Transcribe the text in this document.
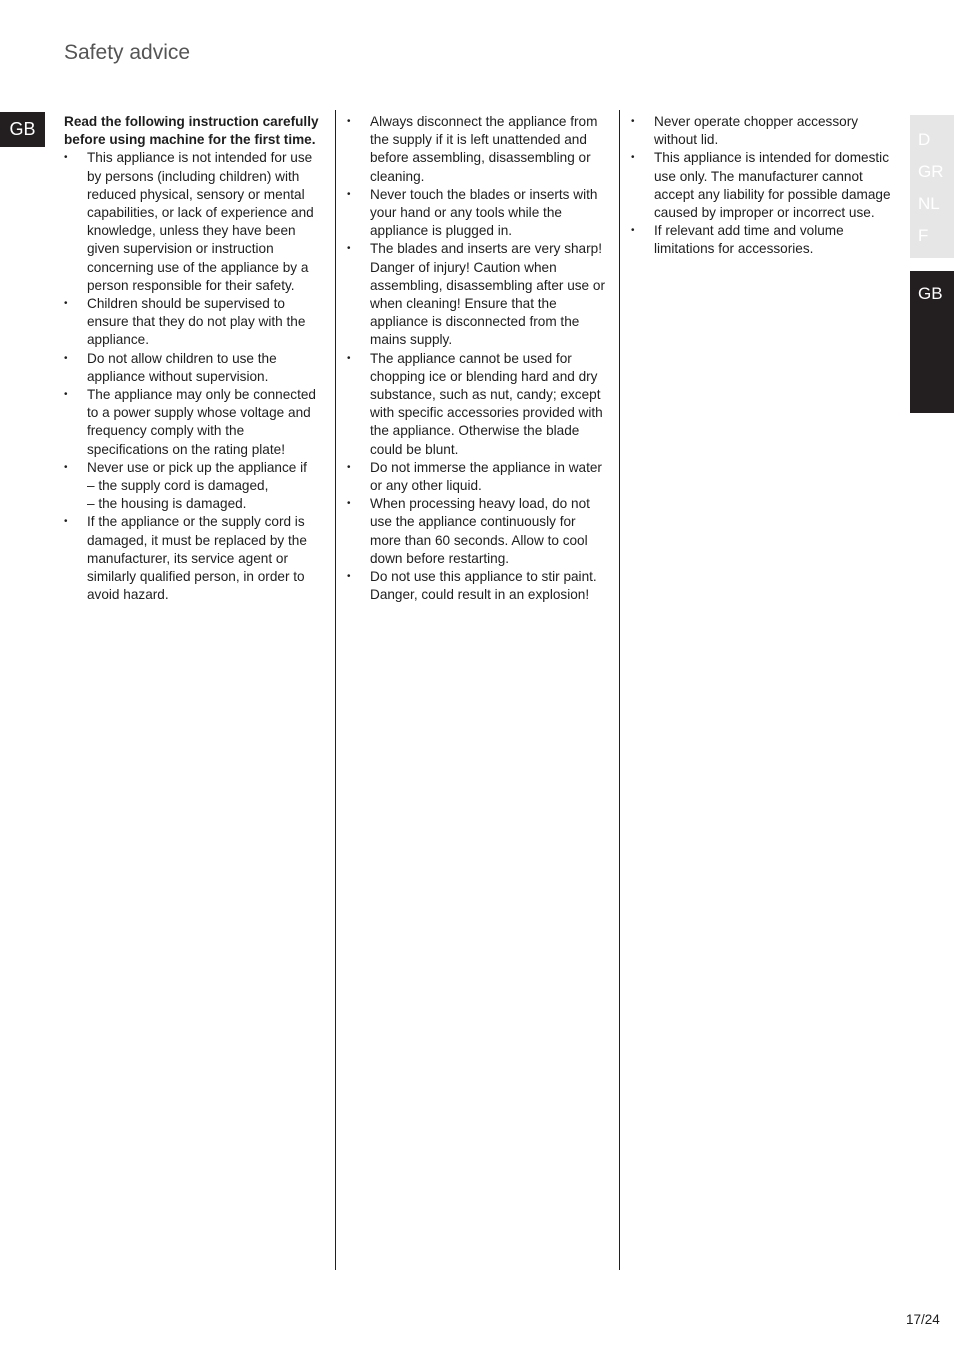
Safety advice
GB
D
GR
NL
F
GB

Read the following instruction carefully before using machine for the first time.

• This appliance is not intended for use by persons (including children) with reduced physical, sensory or mental capabilities, or lack of experience and knowledge, unless they have been given supervision or instruction concerning use of the appliance by a person responsible for their safety.
• Children should be supervised to ensure that they do not play with the appliance.
• Do not allow children to use the appliance without supervision.
• The appliance may only be connected to a power supply whose voltage and frequency comply with the specifications on the rating plate!
• Never use or pick up the appliance if
– the supply cord is damaged,
– the housing is damaged.
• If the appliance or the supply cord is damaged, it must be replaced by the manufacturer, its service agent or similarly qualified person, in order to avoid hazard.
• Always disconnect the appliance from the supply if it is left unattended and before assembling, disassembling or cleaning.
• Never touch the blades or inserts with your hand or any tools while the appliance is plugged in.
• The blades and inserts are very sharp! Danger of injury! Caution when assembling, disassembling after use or when cleaning! Ensure that the appliance is disconnected from the mains supply.
• The appliance cannot be used for chopping ice or blending hard and dry substance, such as nut, candy; except with specific accessories provided with the appliance. Otherwise the blade could be blunt.
• Do not immerse the appliance in water or any other liquid.
• When processing heavy load, do not use the appliance continuously for more than 60 seconds. Allow to cool down before restarting.
• Do not use this appliance to stir paint. Danger, could result in an explosion!
• Never operate chopper accessory without lid.
• This appliance is intended for domestic use only. The manufacturer cannot accept any liability for possible damage caused by improper or incorrect use.
• If relevant add time and volume limitations for accessories.
17/24
